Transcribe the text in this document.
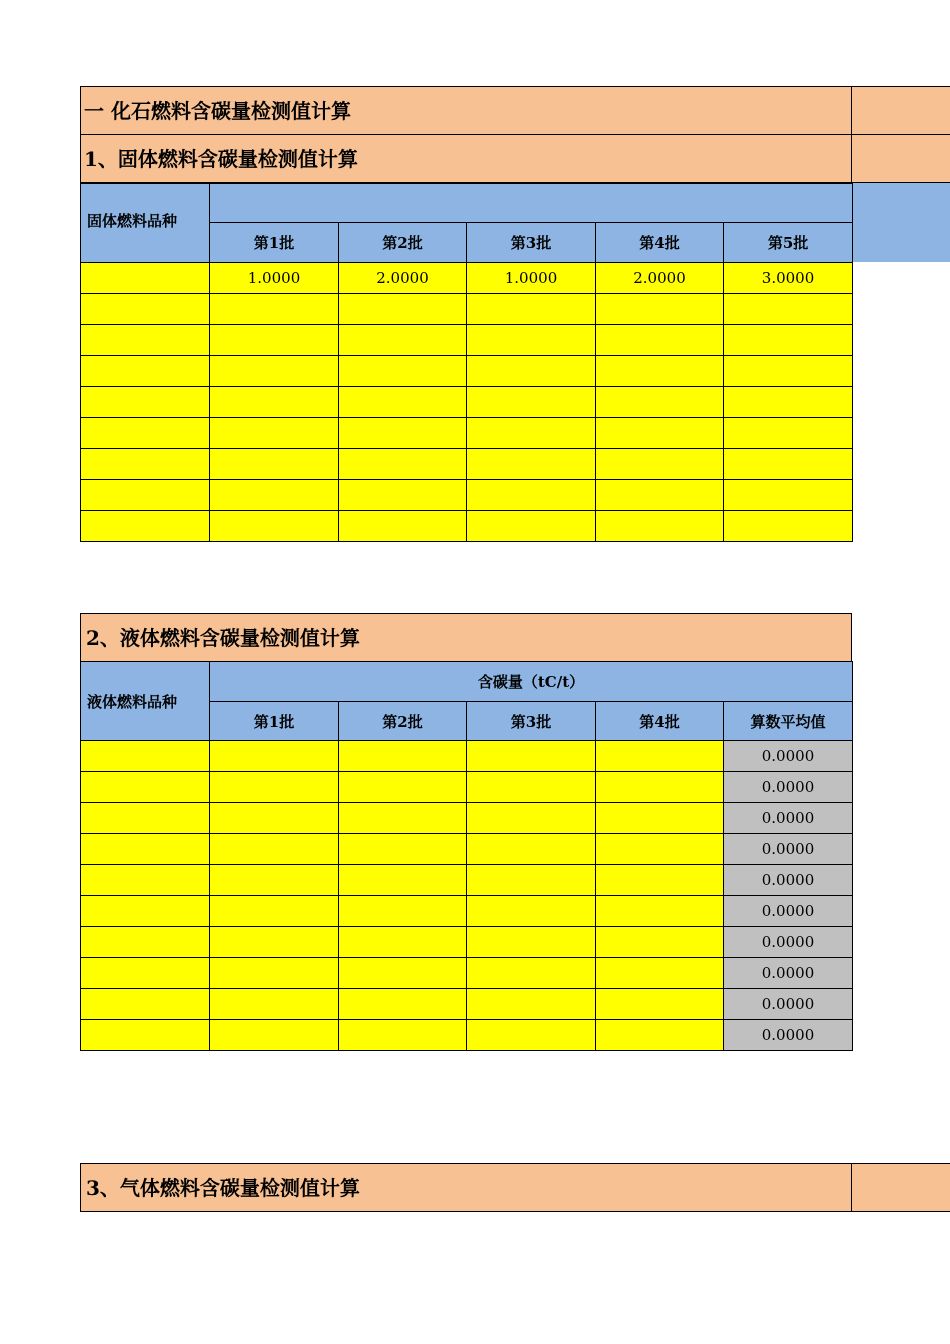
一 化石燃料含碳量检测值计算
1、固体燃料含碳量检测值计算
固体燃料品种					
	第1批	第2批	第3批	第4批	第5批
	1.0000	2.0000	1.0000	2.0000	3.0000

2、液体燃料含碳量检测值计算
液体燃料品种	含碳量（tC/t）				
	第1批	第2批	第3批	第4批	算数平均值
					0.0000
					0.0000
					0.0000
					0.0000
					0.0000
					0.0000
					0.0000
					0.0000
					0.0000
					0.0000
3、气体燃料含碳量检测值计算
